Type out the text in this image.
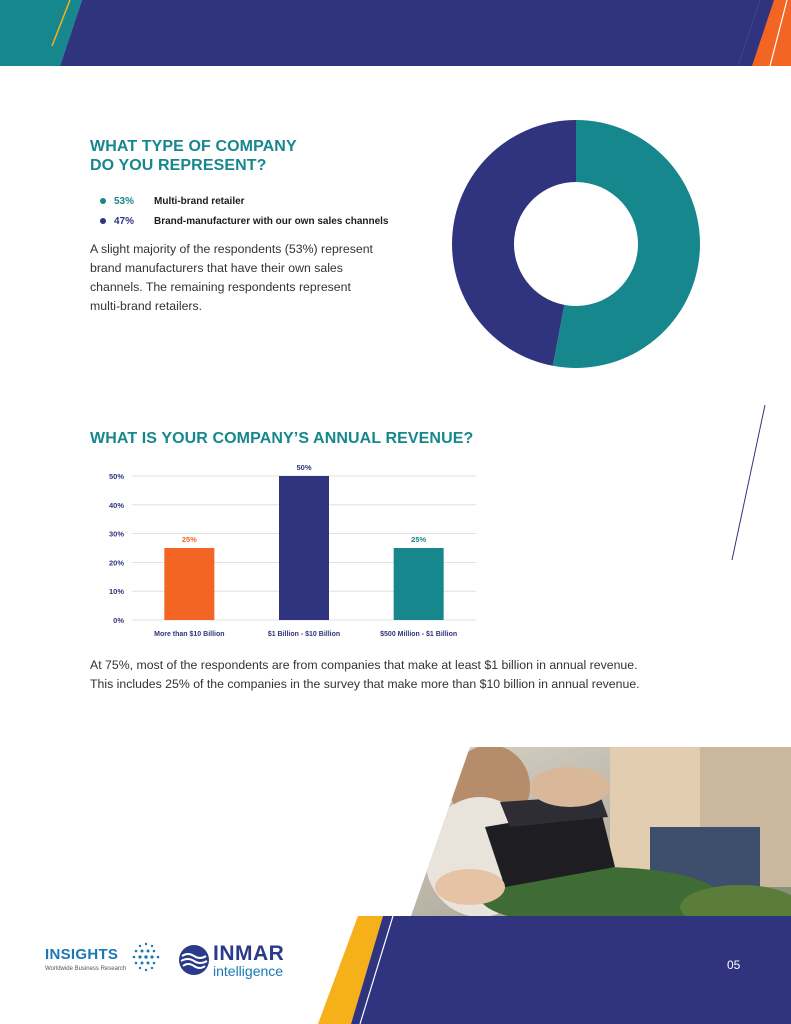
WHAT TYPE OF COMPANY
DO YOU REPRESENT?
53%	Multi-brand retailer
47%	Brand-manufacturer with our own sales channels
A slight majority of the respondents (53%) represent
brand manufacturers that have their own sales
channels. The remaining respondents represent
multi-brand retailers.
WHAT IS YOUR COMPANY’S ANNUAL REVENUE?
0%
10%
20%
30%
40%
50%
25%
More than $10 Billion
50%
$1 Billion - $10 Billion
25%
$500 Million - $1 Billion
At 75%, most of the respondents are from companies that make at least $1 billion in annual revenue.
This includes 25% of the companies in the survey that make more than $10 billion in annual revenue.
INSIGHTS
Worldwide Business Research
INMAR
intelligence	05
